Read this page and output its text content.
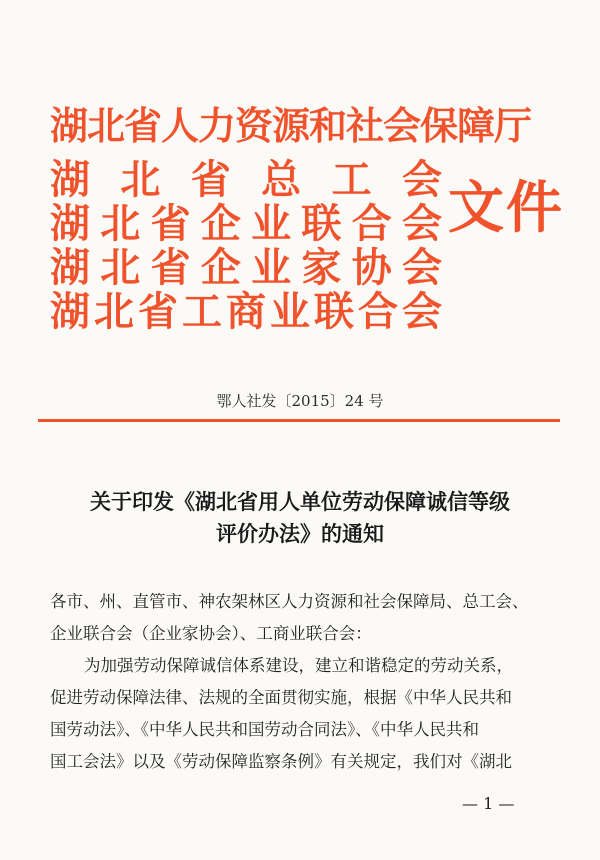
湖北省人力资源和社会保障厅
湖 北 省 总 工 会
湖 北 省 企 业 联 合 会
湖 北 省 企 业 家 协 会
湖 北 省 工 商 业 联 合 会
文件
鄂人社发〔2015〕24 号
关于印发《湖北省用人单位劳动保障诚信等级
评价办法》的通知

各市、州、直管市、神农架林区人力资源和社会保障局、总工会、

企业联合会（企业家协会）、工商业联合会：

为加强劳动保障诚信体系建设，建立和谐稳定的劳动关系，

促进劳动保障法律、法规的全面贯彻实施，根据《中华人民共和

国劳动法》、《中华人民共和国劳动合同法》、《中华人民共和

国工会法》以及《劳动保障监察条例》有关规定，我们对《湖北

— 1 —
